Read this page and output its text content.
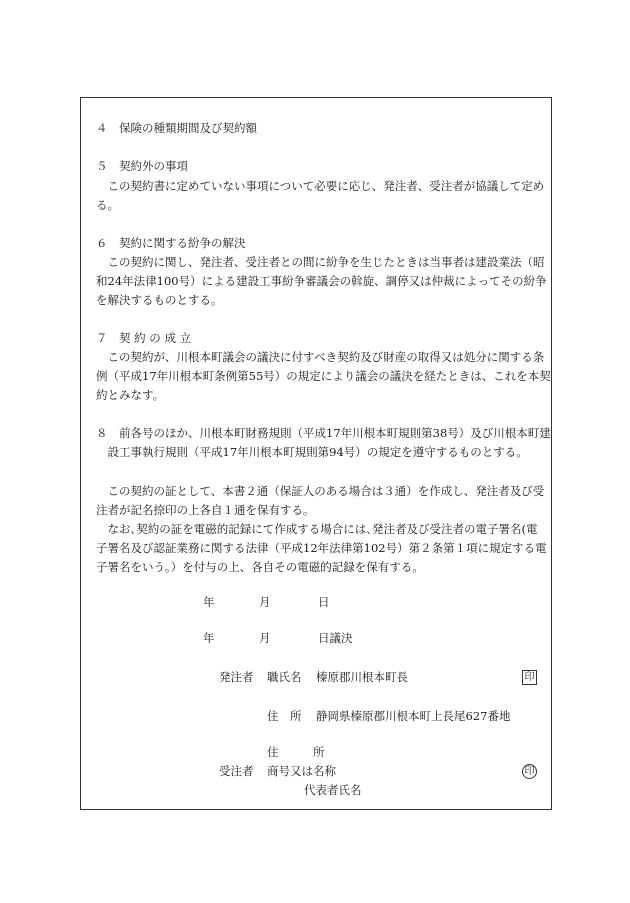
４　保険の種類期間及び契約額

５　契約外の事項

　この契約書に定めていない事項について必要に応じ、発注者、受注者が協議して定め

る。

６　契約に関する紛争の解決

　この契約に関し、発注者、受注者との間に紛争を生じたときは当事者は建設業法（昭

和24年法律100号）による建設工事紛争審議会の斡旋、調停又は仲裁によってその紛争

を解決するものとする。

７　契 約 の 成 立

　この契約が、川根本町議会の議決に付すべき契約及び財産の取得又は処分に関する条

例（平成17年川根本町条例第55号）の規定により議会の議決を経たときは、これを本契

約とみなす。

８　前各号のほか、川根本町財務規則（平成17年川根本町規則第38号）及び川根本町建

　設工事執行規則（平成17年川根本町規則第94号）の規定を遵守するものとする。

　この契約の証として、本書２通（保証人のある場合は３通）を作成し、発注者及び受

注者が記名捺印の上各自１通を保有する。

　なお､契約の証を電磁的記録にて作成する場合には､発注者及び受注者の電子署名(電

子署名及び認証業務に関する法律（平成12年法律第102号）第２条第１項に規定する電

子署名をいう。）を付与の上、各自その電磁的記録を保有する。

年	月	日

年	月	日議決

発注者 職氏名 榛原郡川根本町長	印

住　所 静岡県榛原郡川根本町上長尾627番地

住　　　所

受注者 商号又は名称	印

代表者氏名
